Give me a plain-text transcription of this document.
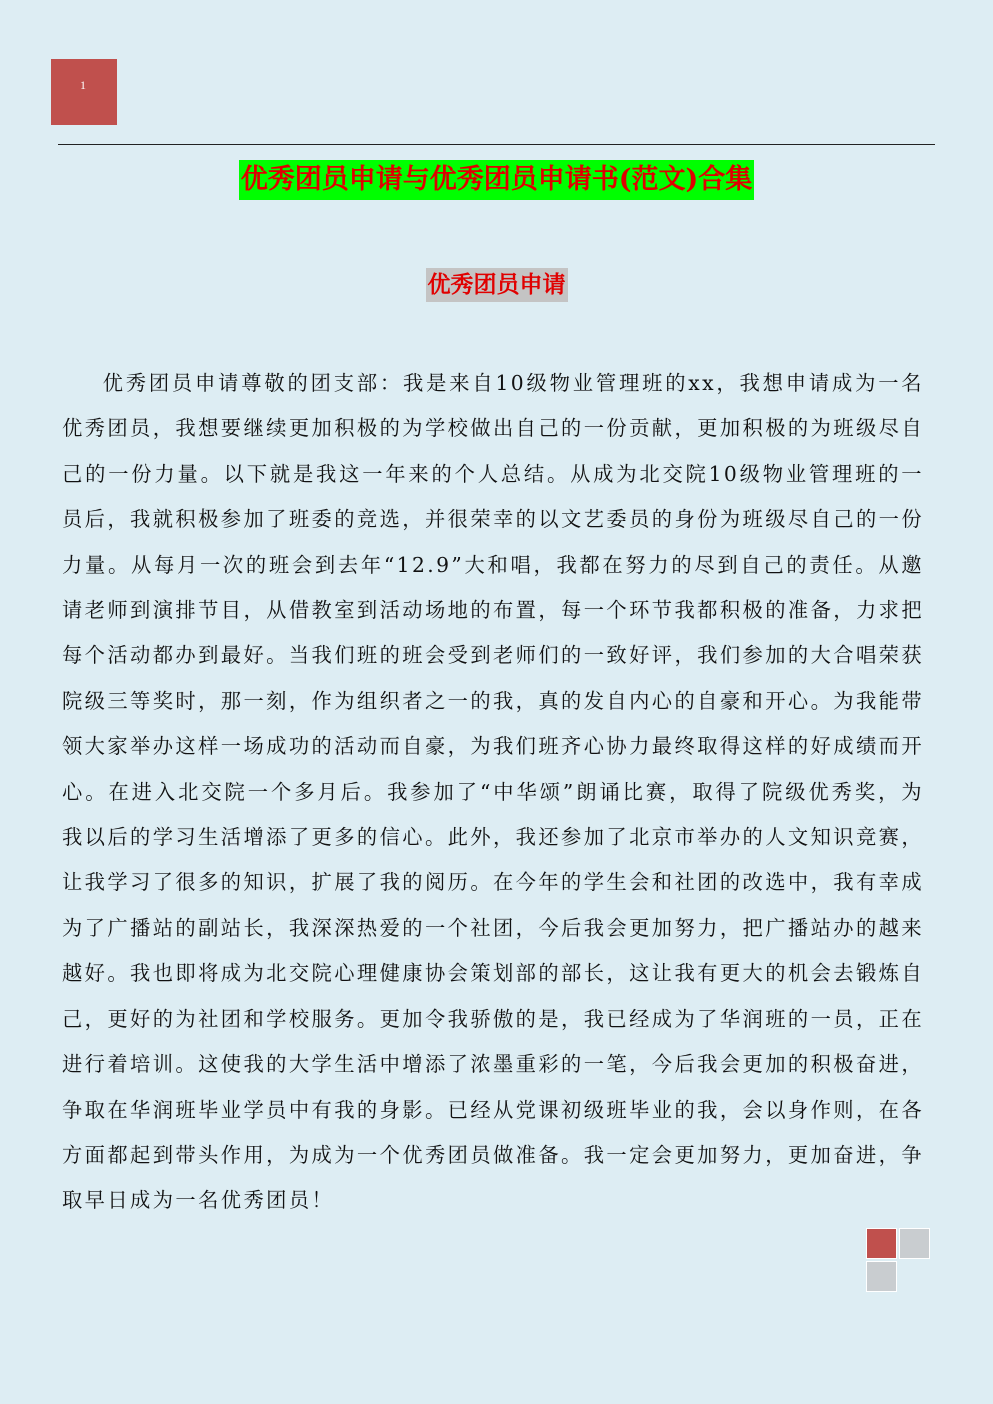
1
优秀团员申请与优秀团员申请书(范文)合集
优秀团员申请

优秀团员申请尊敬的团支部：我是来自10级物业管理班的xx，我想申请成为一名优秀团员，我想要继续更加积极的为学校做出自己的一份贡献，更加积极的为班级尽自己的一份力量。以下就是我这一年来的个人总结。从成为北交院10级物业管理班的一员后，我就积极参加了班委的竞选，并很荣幸的以文艺委员的身份为班级尽自己的一份力量。从每月一次的班会到去年“12.9”大和唱，我都在努力的尽到自己的责任。从邀请老师到演排节目，从借教室到活动场地的布置，每一个环节我都积极的准备，力求把每个活动都办到最好。当我们班的班会受到老师们的一致好评，我们参加的大合唱荣获院级三等奖时，那一刻，作为组织者之一的我，真的发自内心的自豪和开心。为我能带领大家举办这样一场成功的活动而自豪，为我们班齐心协力最终取得这样的好成绩而开心。在进入北交院一个多月后。我参加了“中华颂”朗诵比赛，取得了院级优秀奖，为我以后的学习生活增添了更多的信心。此外，我还参加了北京市举办的人文知识竞赛，让我学习了很多的知识，扩展了我的阅历。在今年的学生会和社团的改选中，我有幸成为了广播站的副站长，我深深热爱的一个社团，今后我会更加努力，把广播站办的越来越好。我也即将成为北交院心理健康协会策划部的部长，这让我有更大的机会去锻炼自己，更好的为社团和学校服务。更加令我骄傲的是，我已经成为了华润班的一员，正在进行着培训。这使我的大学生活中增添了浓墨重彩的一笔，今后我会更加的积极奋进，争取在华润班毕业学员中有我的身影。已经从党课初级班毕业的我，会以身作则，在各方面都起到带头作用，为成为一个优秀团员做准备。我一定会更加努力，更加奋进，争取早日成为一名优秀团员！
